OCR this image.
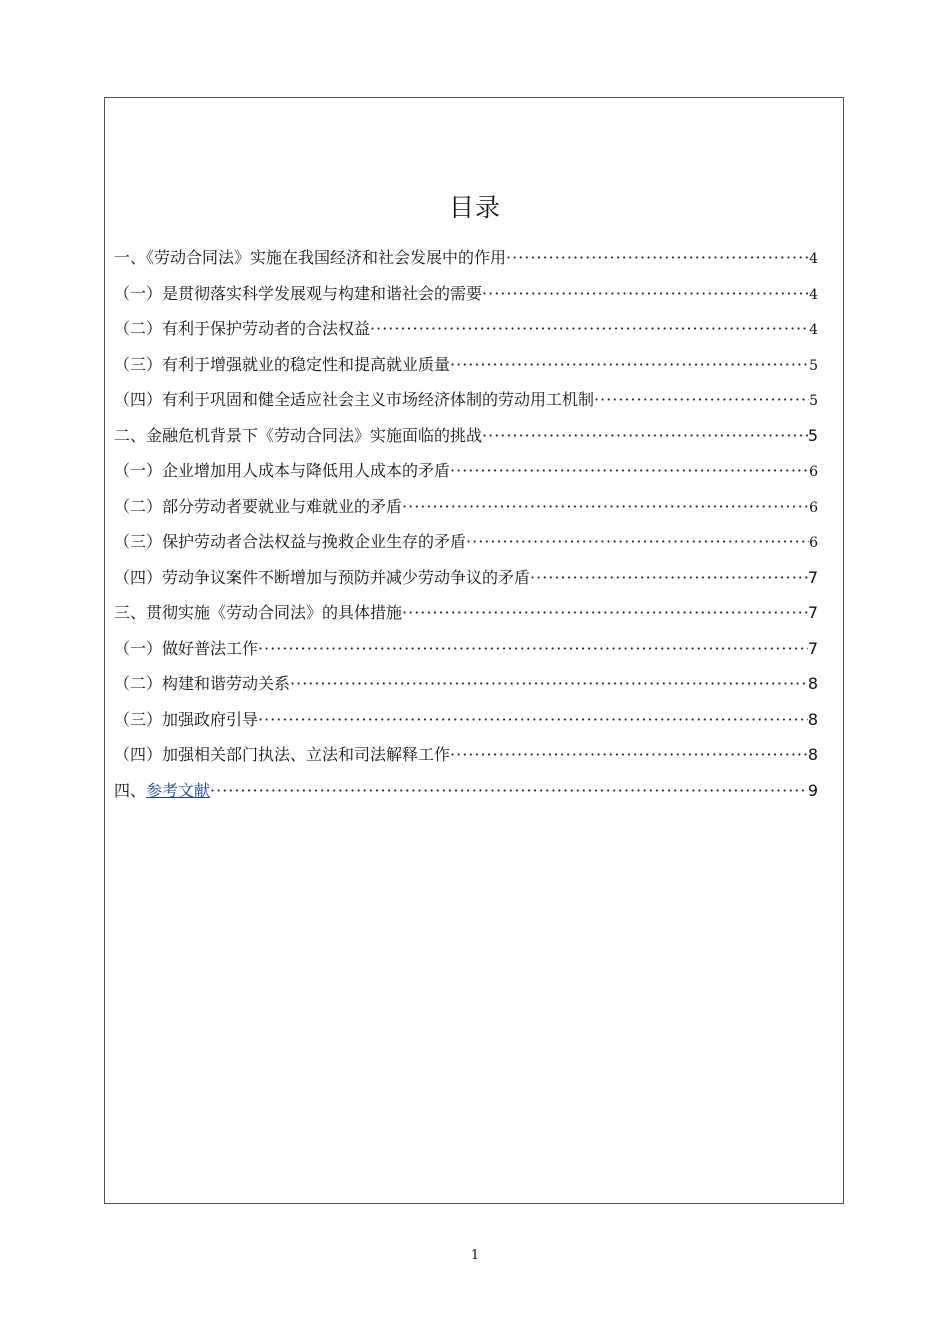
目录
一、《劳动合同法》实施在我国经济和社会发展中的作用 ·····	4
（一）是贯彻落实科学发展观与构建和谐社会的需要 ·····	4
（二）有利于保护劳动者的合法权益 ·····	4
（三）有利于增强就业的稳定性和提高就业质量 ·····	5
（四）有利于巩固和健全适应社会主义市场经济体制的劳动用工机制 ·····	5
二、金融危机背景下《劳动合同法》实施面临的挑战 ·····	5
（一）企业增加用人成本与降低用人成本的矛盾 ·····	6
（二）部分劳动者要就业与难就业的矛盾 ·····	6
（三）保护劳动者合法权益与挽救企业生存的矛盾 ·····	6
（四）劳动争议案件不断增加与预防并减少劳动争议的矛盾 ·····	7
三、贯彻实施《劳动合同法》的具体措施 ·····	7
（一）做好普法工作 ·····	7
（二）构建和谐劳动关系 ·····	8
（三）加强政府引导 ·····	8
（四）加强相关部门执法、立法和司法解释工作 ·····	8
四、参考文献 ·····	9
1
